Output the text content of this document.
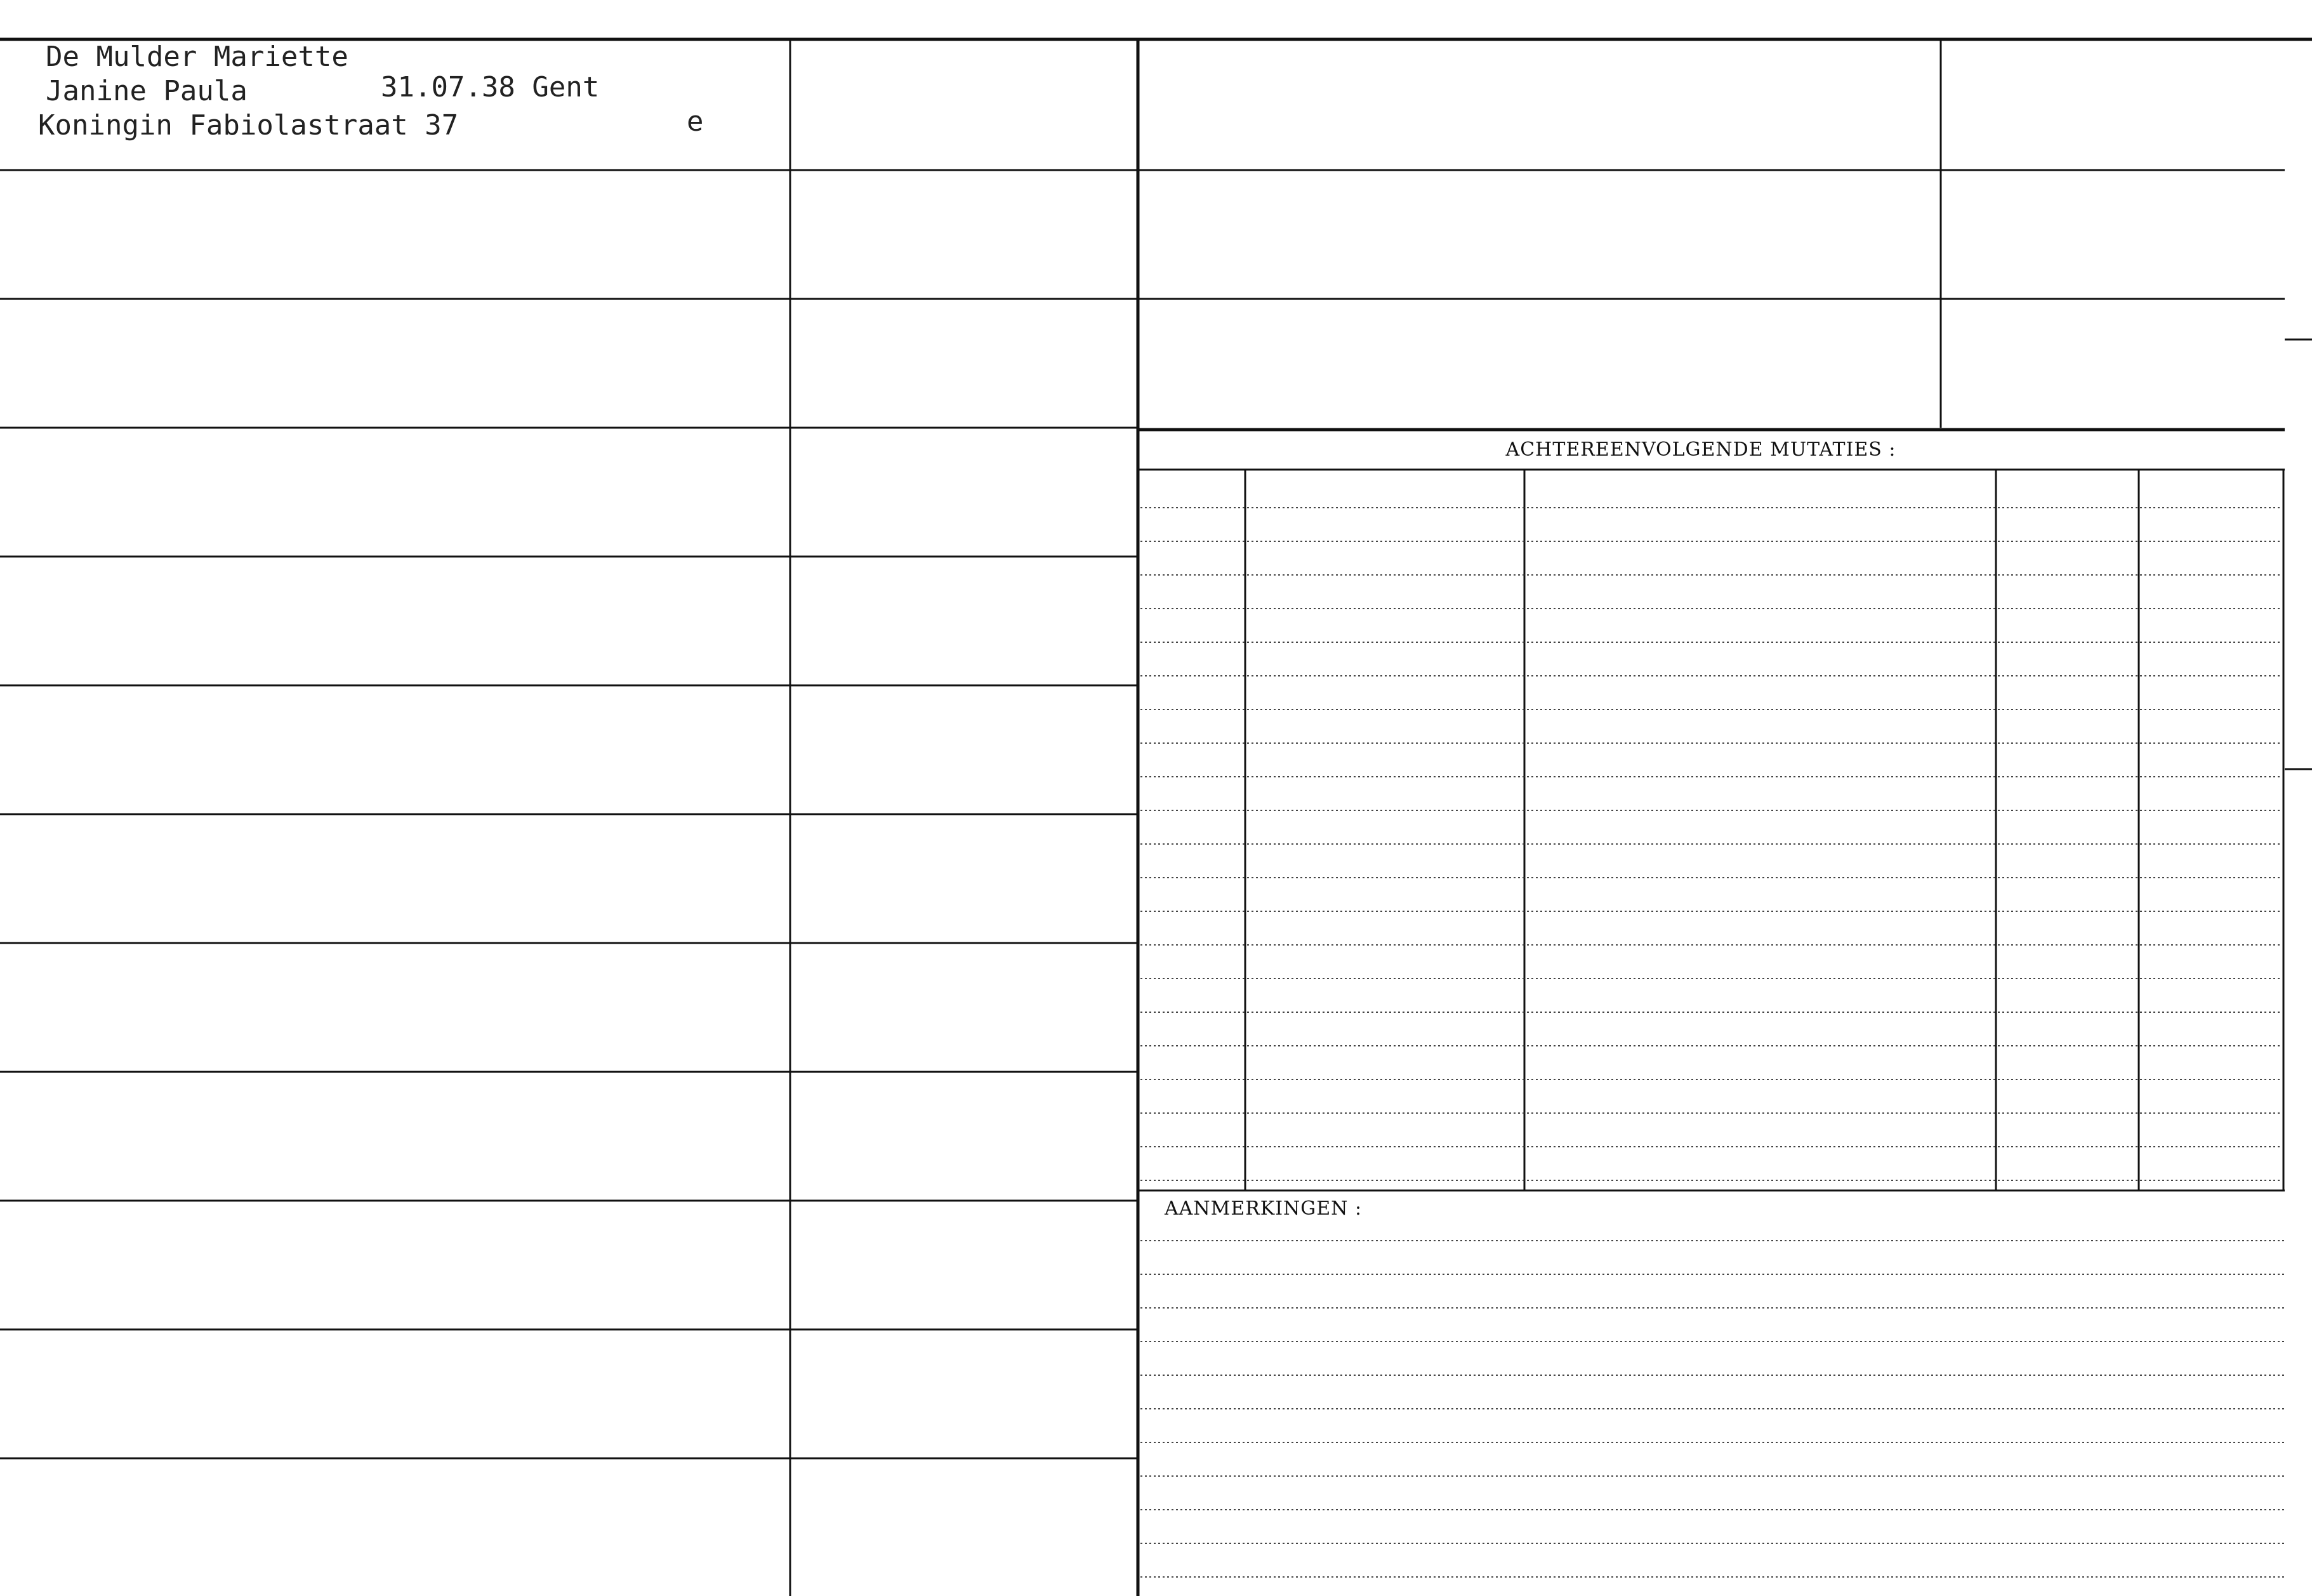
ACHTEREENVOLGENDE MUTATIES :
AANMERKINGEN :
De Mulder Mariette
Janine Paula	31.07.38 Gent
Koningin Fabiolastraat 37	e
